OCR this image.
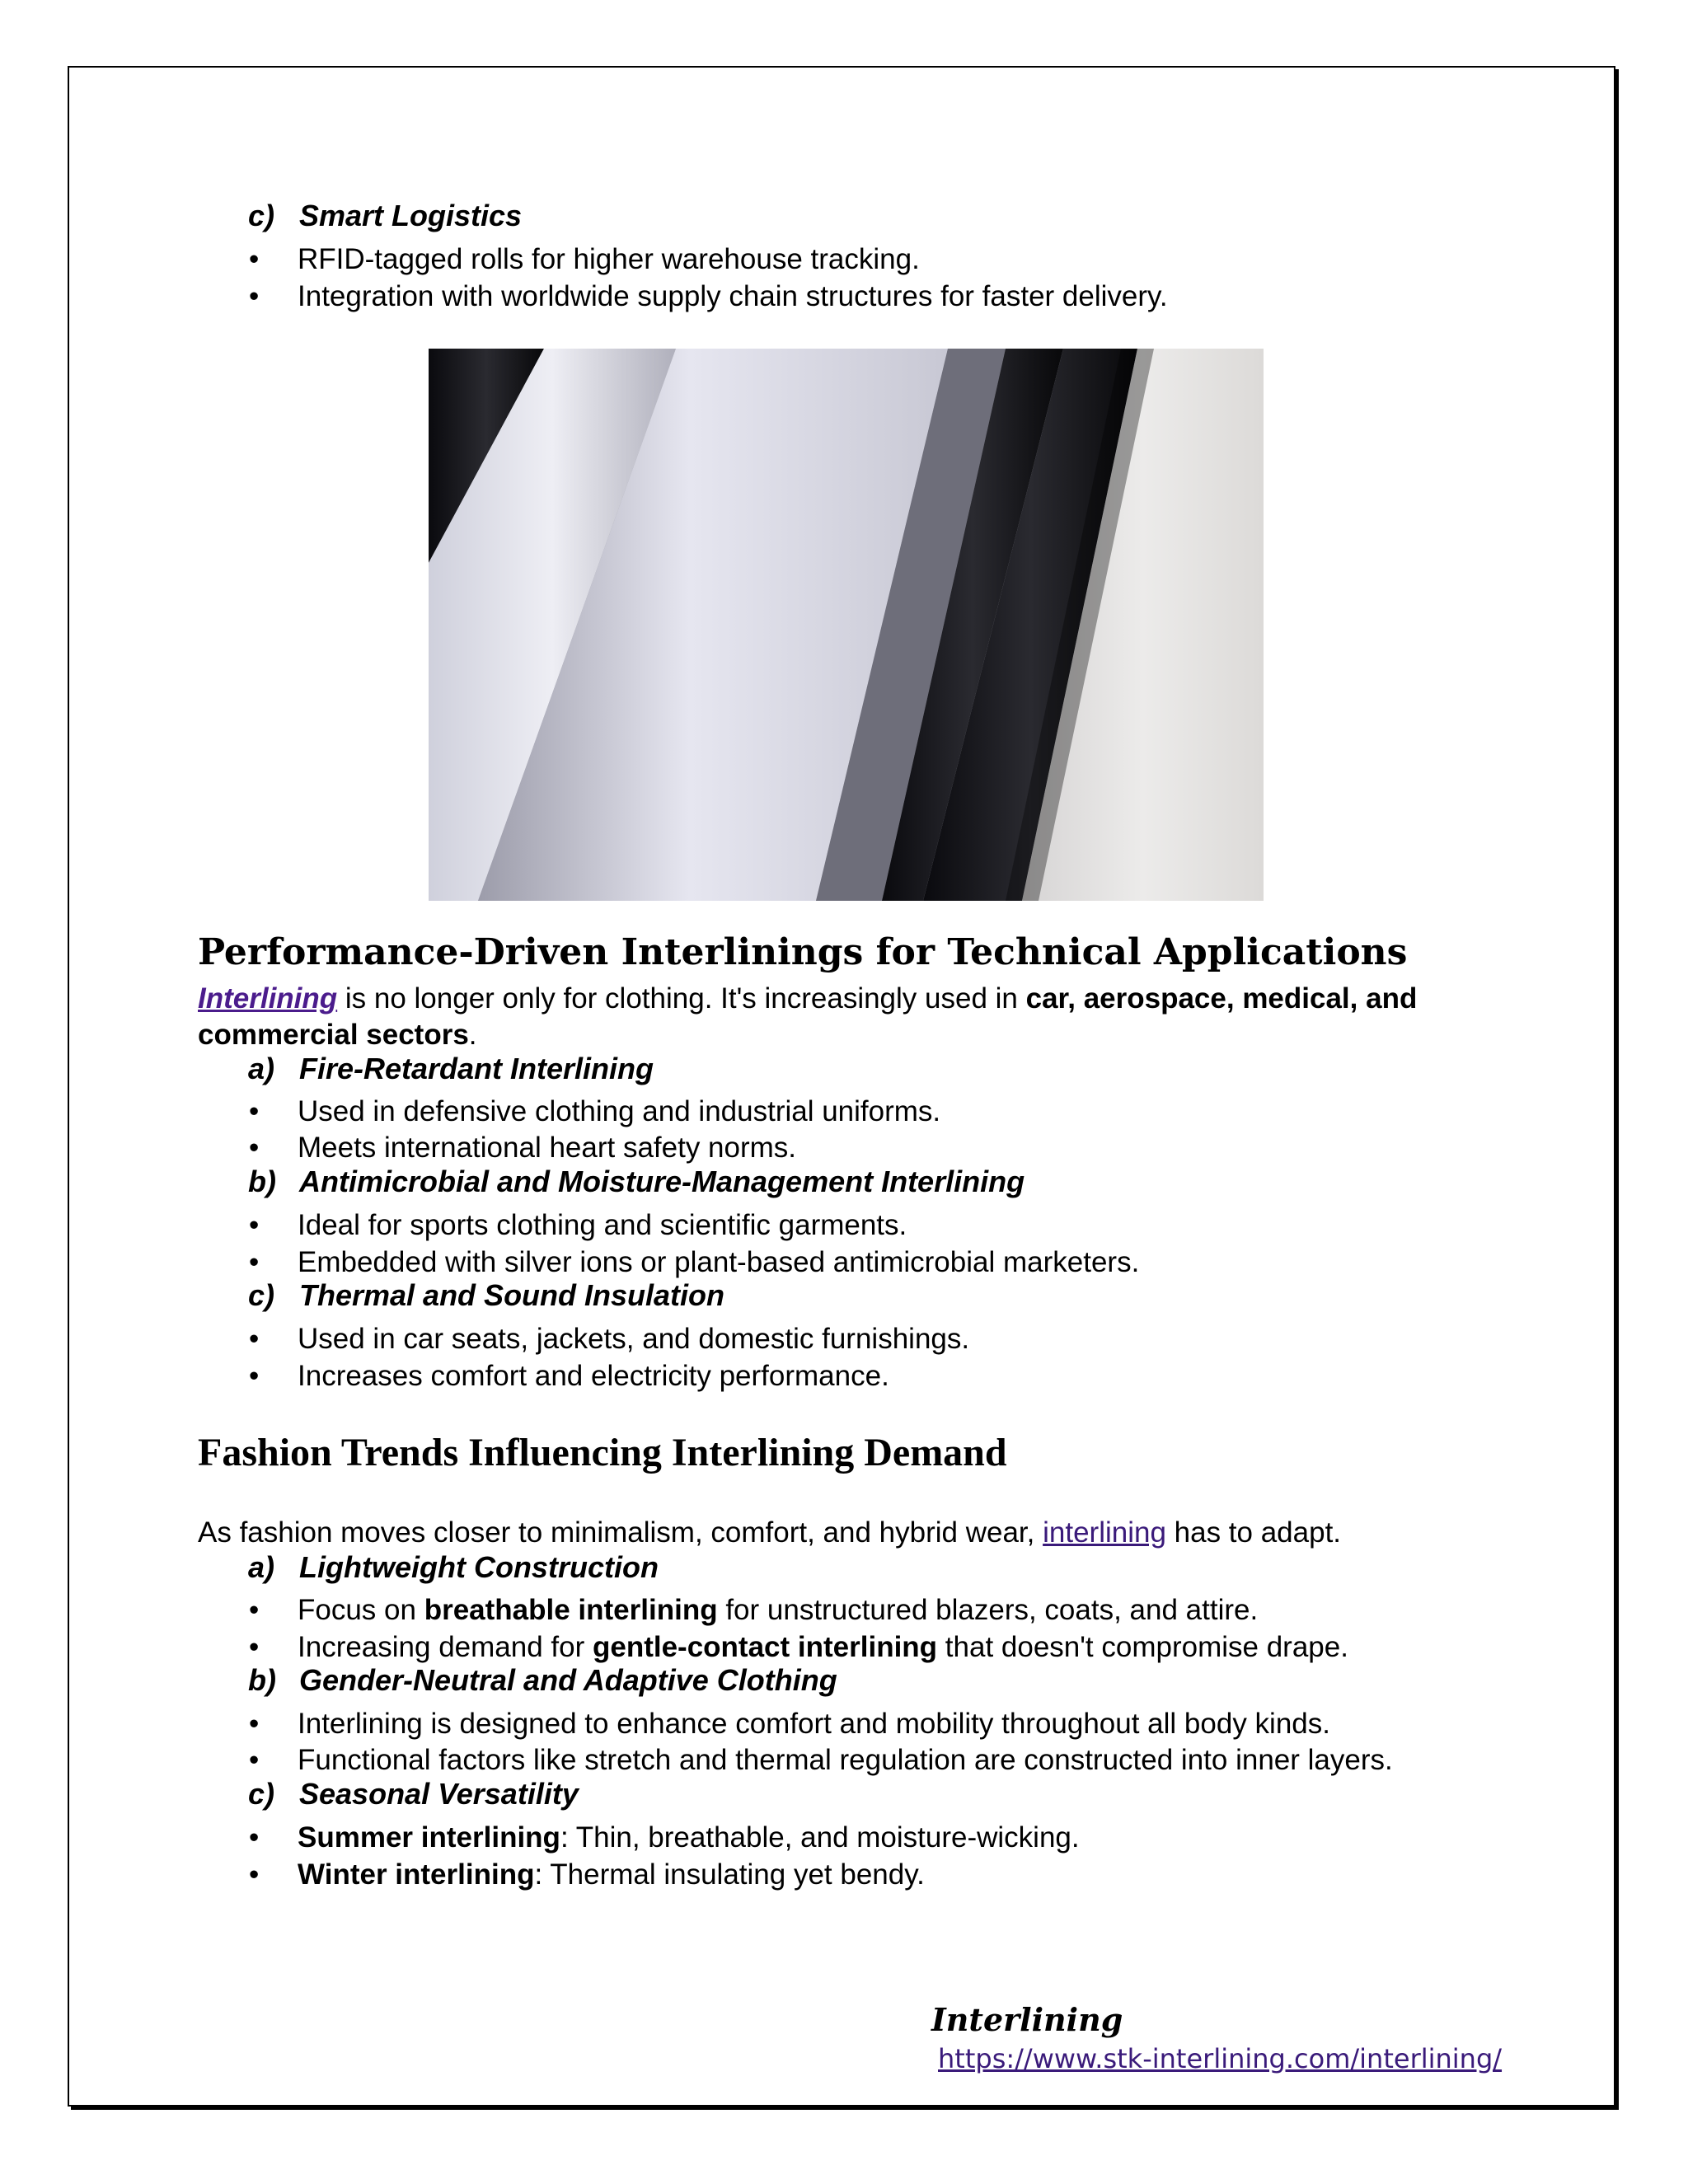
c) Smart Logistics
•	RFID-tagged rolls for higher warehouse tracking.
•	Integration with worldwide supply chain structures for faster delivery.
Performance-Driven Interlinings for Technical Applications
Interlining is no longer only for clothing. It's increasingly used in car, aerospace, medical, and commercial sectors.
a) Fire-Retardant Interlining
•	Used in defensive clothing and industrial uniforms.
•	Meets international heart safety norms.
b) Antimicrobial and Moisture-Management Interlining
•	Ideal for sports clothing and scientific garments.
•	Embedded with silver ions or plant-based antimicrobial marketers.
c) Thermal and Sound Insulation
•	Used in car seats, jackets, and domestic furnishings.
•	Increases comfort and electricity performance.
Fashion Trends Influencing Interlining Demand
As fashion moves closer to minimalism, comfort, and hybrid wear, interlining has to adapt.
a) Lightweight Construction
•	Focus on breathable interlining for unstructured blazers, coats, and attire.
•	Increasing demand for gentle-contact interlining that doesn't compromise drape.
b) Gender-Neutral and Adaptive Clothing
•	Interlining is designed to enhance comfort and mobility throughout all body kinds.
•	Functional factors like stretch and thermal regulation are constructed into inner layers.
c) Seasonal Versatility
•	Summer interlining: Thin, breathable, and moisture-wicking.
•	Winter interlining: Thermal insulating yet bendy.
Interlining
https://www.stk-interlining.com/interlining/
